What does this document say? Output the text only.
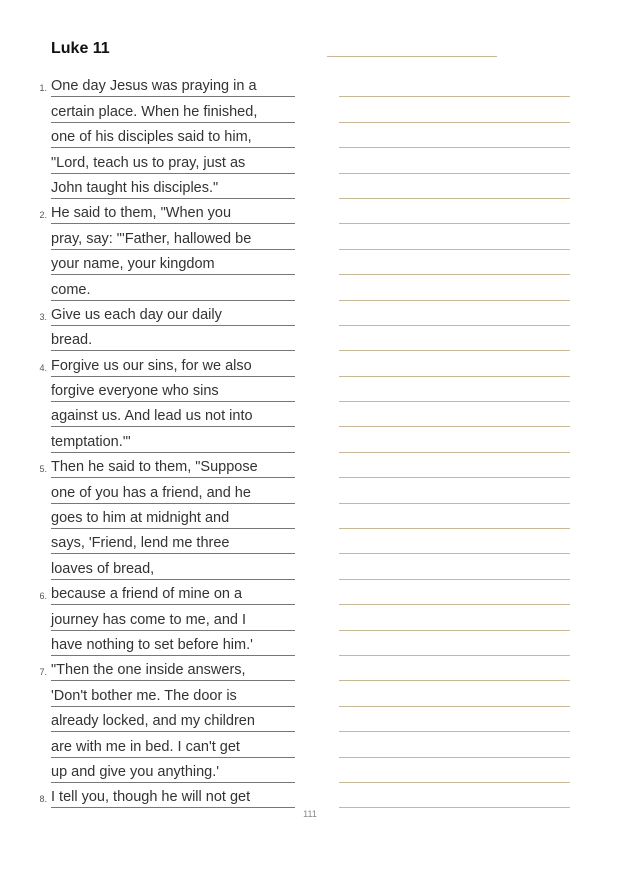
Luke 11
1. One day Jesus was praying in a
certain place. When he finished,
one of his disciples said to him,
"Lord, teach us to pray, just as
John taught his disciples."
2. He said to them, "When you
pray, say: "'Father, hallowed be
your name, your kingdom
come.
3. Give us each day our daily
bread.
4. Forgive us our sins, for we also
forgive everyone who sins
against us. And lead us not into
temptation.'"
5. Then he said to them, "Suppose
one of you has a friend, and he
goes to him at midnight and
says, 'Friend, lend me three
loaves of bread,
6. because a friend of mine on a
journey has come to me, and I
have nothing to set before him.'
7. "Then the one inside answers,
'Don't bother me. The door is
already locked, and my children
are with me in bed. I can't get
up and give you anything.'
8. I tell you, though he will not get
111
